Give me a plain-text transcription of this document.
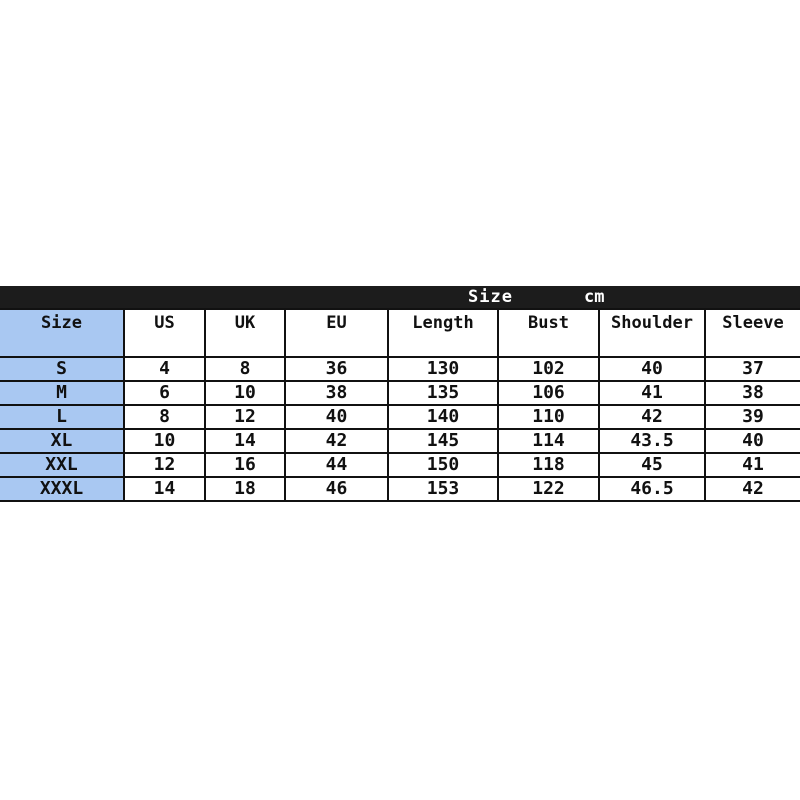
Size	cm
Size	US	UK	EU	Length	Bust	Shoulder	Sleeve
S	4	8	36	130	102	40	37
M	6	10	38	135	106	41	38
L	8	12	40	140	110	42	39
XL	10	14	42	145	114	43.5	40
XXL	12	16	44	150	118	45	41
XXXL	14	18	46	153	122	46.5	42
